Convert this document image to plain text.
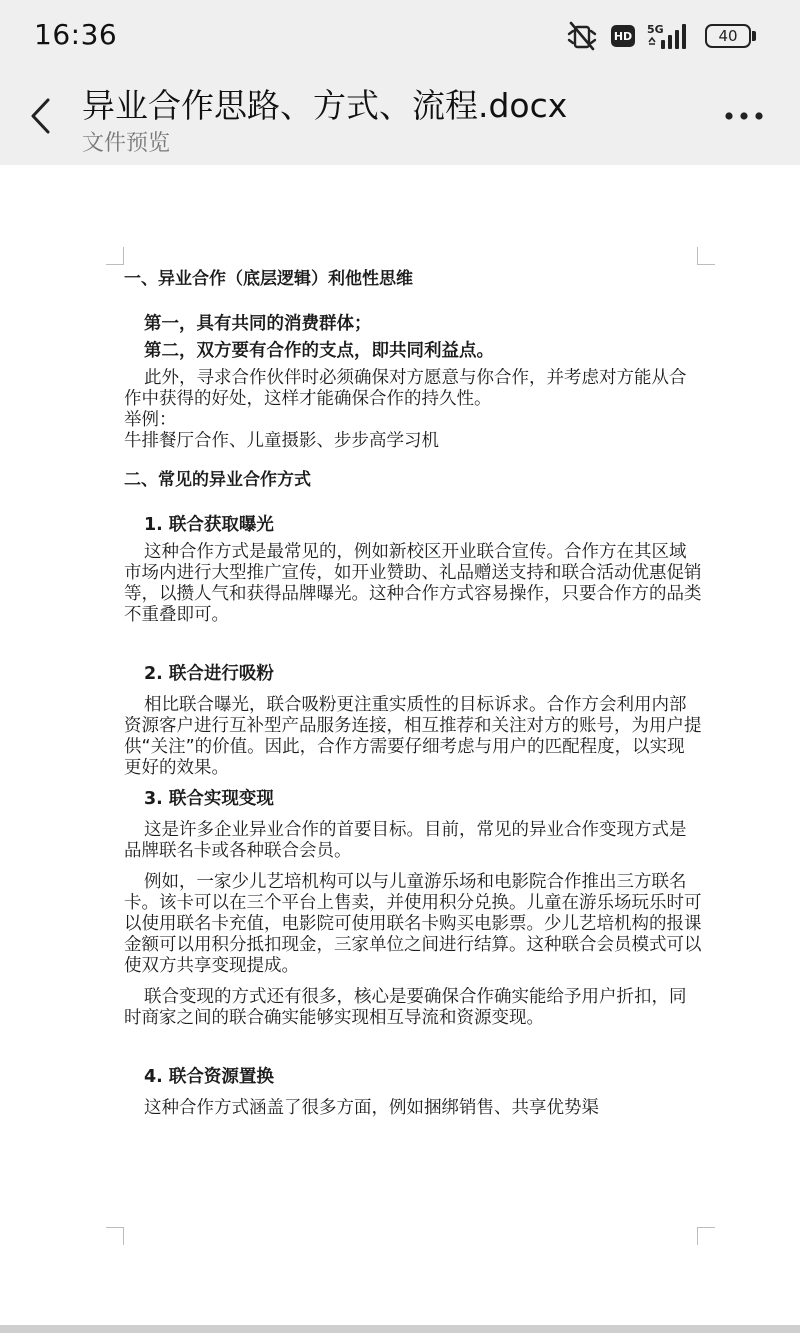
16:36	HD 5G	40
异业合作思路、方式、流程.docx
文件预览

一、异业合作（底层逻辑）利他性思维

第一，具有共同的消费群体；

第二，双方要有合作的支点，即共同利益点。

此外，寻求合作伙伴时必须确保对方愿意与你合作，并考虑对方能从合作中获得的好处，这样才能确保合作的持久性。

举例：

牛排餐厅合作、儿童摄影、步步高学习机

二、常见的异业合作方式

1. 联合获取曝光

这种合作方式是最常见的，例如新校区开业联合宣传。合作方在其区域市场内进行大型推广宣传，如开业赞助、礼品赠送支持和联合活动优惠促销等，以攒人气和获得品牌曝光。这种合作方式容易操作，只要合作方的品类不重叠即可。

2. 联合进行吸粉

相比联合曝光，联合吸粉更注重实质性的目标诉求。合作方会利用内部资源客户进行互补型产品服务连接，相互推荐和关注对方的账号，为用户提供“关注”的价值。因此，合作方需要仔细考虑与用户的匹配程度，以实现更好的效果。

3. 联合实现变现

这是许多企业异业合作的首要目标。目前，常见的异业合作变现方式是品牌联名卡或各种联合会员。

例如，一家少儿艺培机构可以与儿童游乐场和电影院合作推出三方联名卡。该卡可以在三个平台上售卖，并使用积分兑换。儿童在游乐场玩乐时可以使用联名卡充值，电影院可使用联名卡购买电影票。少儿艺培机构的报课金额可以用积分抵扣现金，三家单位之间进行结算。这种联合会员模式可以使双方共享变现提成。

联合变现的方式还有很多，核心是要确保合作确实能给予用户折扣，同时商家之间的联合确实能够实现相互导流和资源变现。

4. 联合资源置换

这种合作方式涵盖了很多方面，例如捆绑销售、共享优势渠
